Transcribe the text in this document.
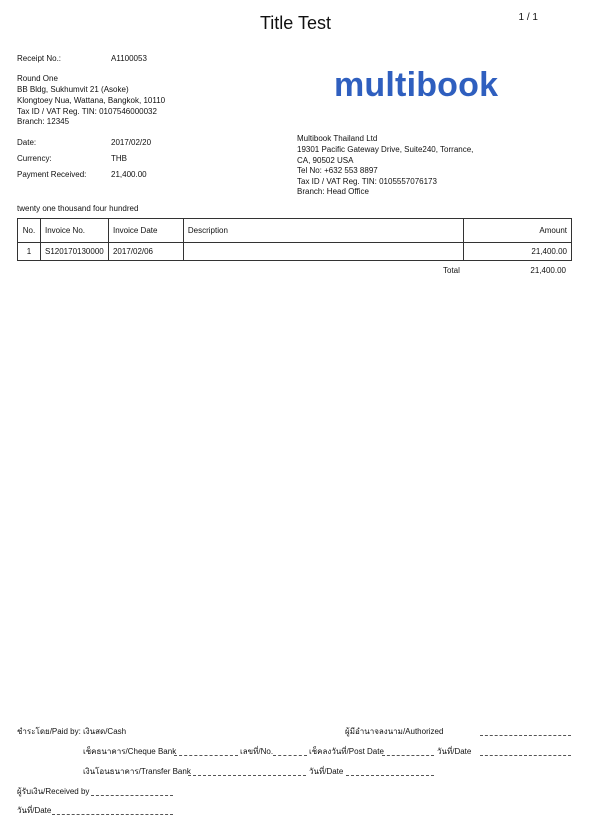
Title Test	1 / 1
Receipt No.:	A1100053
Round One
BB Bldg, Sukhumvit 21 (Asoke)
Klongtoey Nua, Wattana, Bangkok, 10110
Tax ID / VAT Reg. TIN: 0107546000032
Branch: 12345
multibook
Date:	2017/02/20
Currency:	THB
Payment Received:	21,400.00
Multibook Thailand Ltd
19301 Pacific Gateway Drive, Suite240, Torrance,
CA, 90502 USA
Tel No: +632 553 8897
Tax ID / VAT Reg. TIN: 0105557076173
Branch: Head Office
twenty one thousand four hundred
No.	Invoice No.	Invoice Date	Description	Amount
1	S120170130000	2017/02/06		21,400.00
Total	21,400.00
ชำระโดย/Paid by: เงินสด/Cash	ผู้มีอำนาจลงนาม/Authorized
เช็คธนาคาร/Cheque Bank	เลขที่/No.	เช็คลงวันที่/Post Date	วันที่/Date
เงินโอนธนาคาร/Transfer Bank	วันที่/Date
ผู้รับเงิน/Received by
วันที่/Date
